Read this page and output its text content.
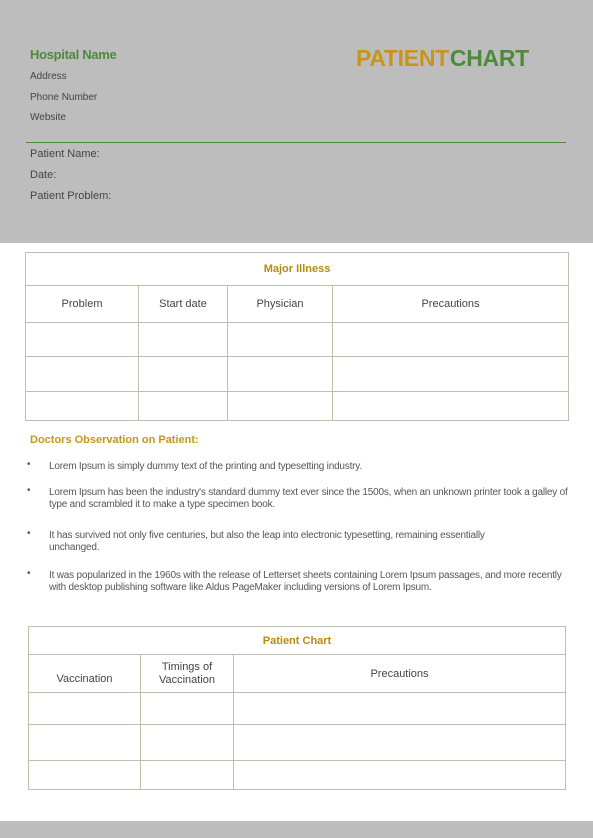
Hospital Name
Address
Phone Number
Website
PATIENTCHART
Patient Name:
Date:
Patient Problem:
Major Illness			
Problem	Start date	Physician	Precautions

Doctors Observation on Patient:
• Lorem Ipsum is simply dummy text of the printing and typesetting industry.
• Lorem Ipsum has been the industry's standard dummy text ever since the 1500s, when an unknown printer took a galley of type and scrambled it to make a type specimen book.
• It has survived not only five centuries, but also the leap into electronic typesetting, remaining essentially unchanged.
• It was popularized in the 1960s with the release of Letterset sheets containing Lorem Ipsum passages, and more recently with desktop publishing software like Aldus PageMaker including versions of Lorem Ipsum.
Patient Chart		
Vaccination	Timings of Vaccination	Precautions
